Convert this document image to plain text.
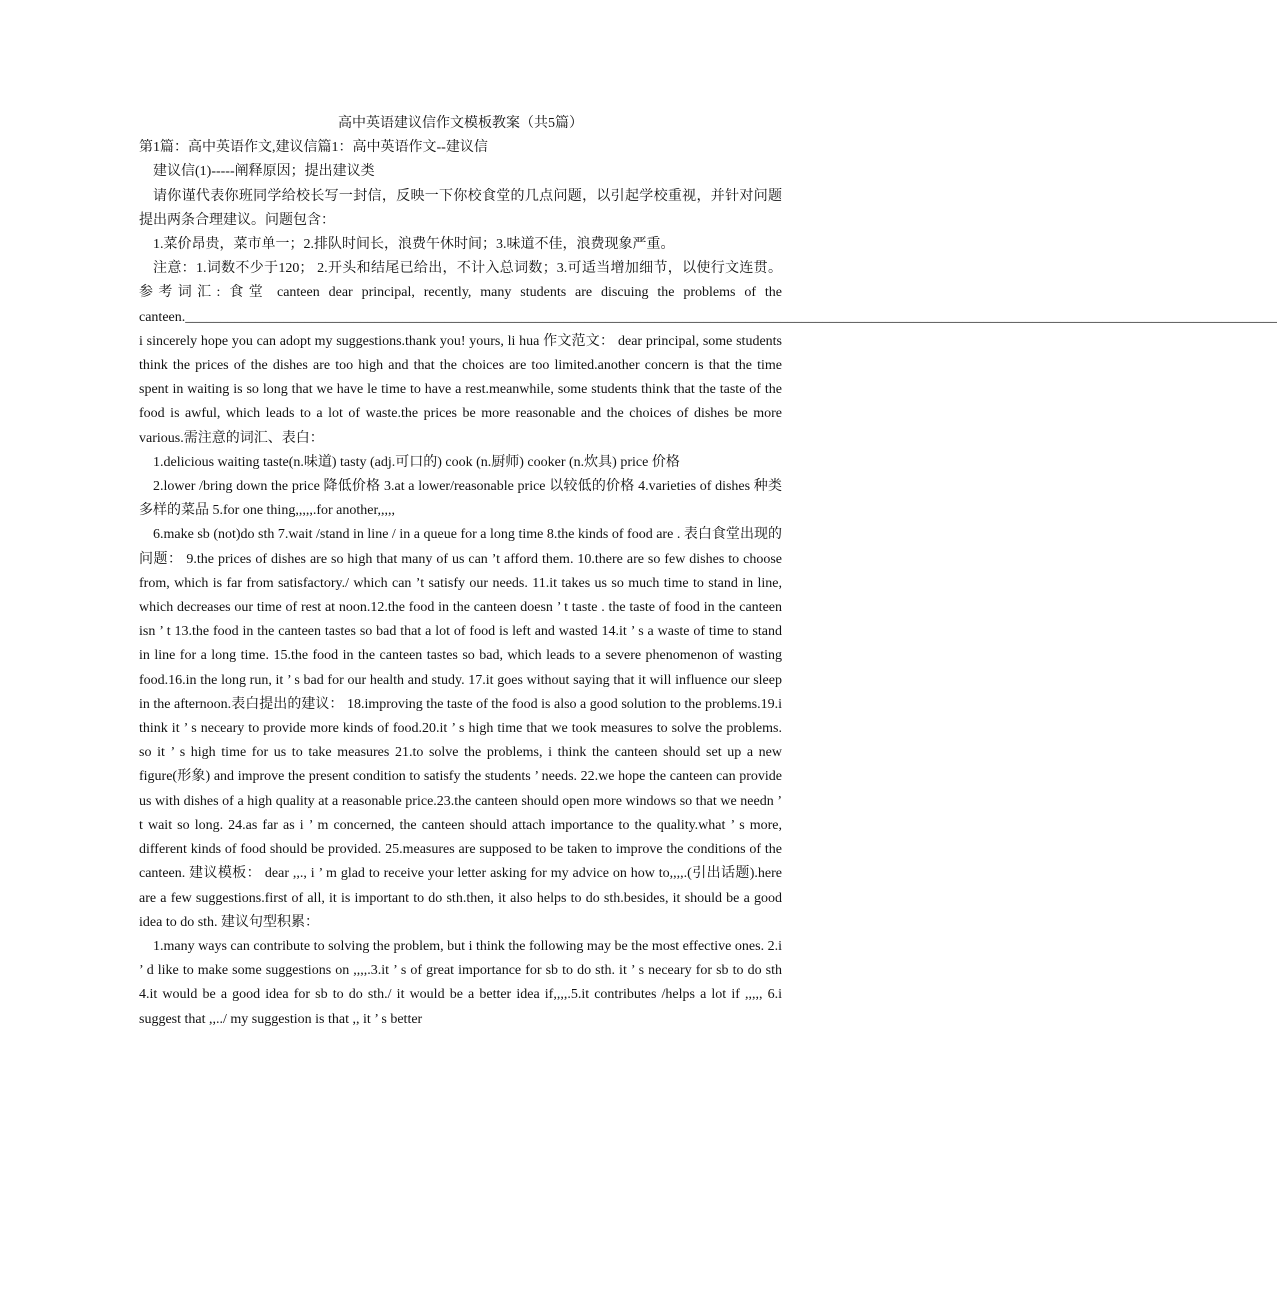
高中英语建议信作文模板教案（共5篇）

第1篇：高中英语作文,建议信篇1：高中英语作文--建议信

建议信(1)-----阐释原因；提出建议类

请你谨代表你班同学给校长写一封信，反映一下你校食堂的几点问题，以引起学校重视，并针对问题提出两条合理建议。问题包含：

1.菜价昂贵，菜市单一；2.排队时间长，浪费午休时间；3.味道不佳，浪费现象严重。

注意：1.词数不少于120； 2.开头和结尾已给出，不计入总词数；3.可适当增加细节，以使行文连贯。 参考词汇: 食堂 canteen dear principal, recently, many students are discuing the problems of the canteen.____________________________________________________________________________________________________________________________________________________________ i sincerely hope you can adopt my suggestions.thank you! yours, li hua 作文范文： dear principal, some students think the prices of the dishes are too high and that the choices are too limited.another concern is that the time spent in waiting is so long that we have le time to have a rest.meanwhile, some students think that the taste of the food is awful, which leads to a lot of waste.the prices be more reasonable and the choices of dishes be more various.需注意的词汇、表白：

1.delicious waiting taste(n.味道) tasty (adj.可口的) cook (n.厨师) cooker (n.炊具) price 价格

2.lower /bring down the price 降低价格 3.at a lower/reasonable price 以较低的价格 4.varieties of dishes 种类多样的菜品 5.for one thing,,,,,.for another,,,,,

6.make sb (not)do sth 7.wait /stand in line / in a queue for a long time 8.the kinds of food are . 表白食堂出现的问题： 9.the prices of dishes are so high that many of us can ’t afford them. 10.there are so few dishes to choose from, which is far from satisfactory./ which can ’t satisfy our needs. 11.it takes us so much time to stand in line, which decreases our time of rest at noon.12.the food in the canteen doesn ’ t taste . the taste of food in the canteen isn ’ t 13.the food in the canteen tastes so bad that a lot of food is left and wasted 14.it ’ s a waste of time to stand in line for a long time. 15.the food in the canteen tastes so bad, which leads to a severe phenomenon of wasting food.16.in the long run, it ’ s bad for our health and study. 17.it goes without saying that it will influence our sleep in the afternoon.表白提出的建议： 18.improving the taste of the food is also a good solution to the problems.19.i think it ’ s neceary to provide more kinds of food.20.it ’ s high time that we took measures to solve the problems. so it ’ s high time for us to take measures 21.to solve the problems, i think the canteen should set up a new figure(形象) and improve the present condition to satisfy the students ’ needs. 22.we hope the canteen can provide us with dishes of a high quality at a reasonable price.23.the canteen should open more windows so that we needn ’ t wait so long. 24.as far as i ’ m concerned, the canteen should attach importance to the quality.what ’ s more, different kinds of food should be provided. 25.measures are supposed to be taken to improve the conditions of the canteen. 建议模板： dear ,,., i ’ m glad to receive your letter asking for my advice on how to,,,,.(引出话题).here are a few suggestions.first of all, it is important to do sth.then, it also helps to do sth.besides, it should be a good idea to do sth. 建议句型积累：

1.many ways can contribute to solving the problem, but i think the following may be the most effective ones. 2.i ’ d like to make some suggestions on ,,,,.3.it ’ s of great importance for sb to do sth. it ’ s neceary for sb to do sth 4.it would be a good idea for sb to do sth./ it would be a better idea if,,,,.5.it contributes /helps a lot if ,,,,, 6.i suggest that ,,../ my suggestion is that ,, it ’ s better
